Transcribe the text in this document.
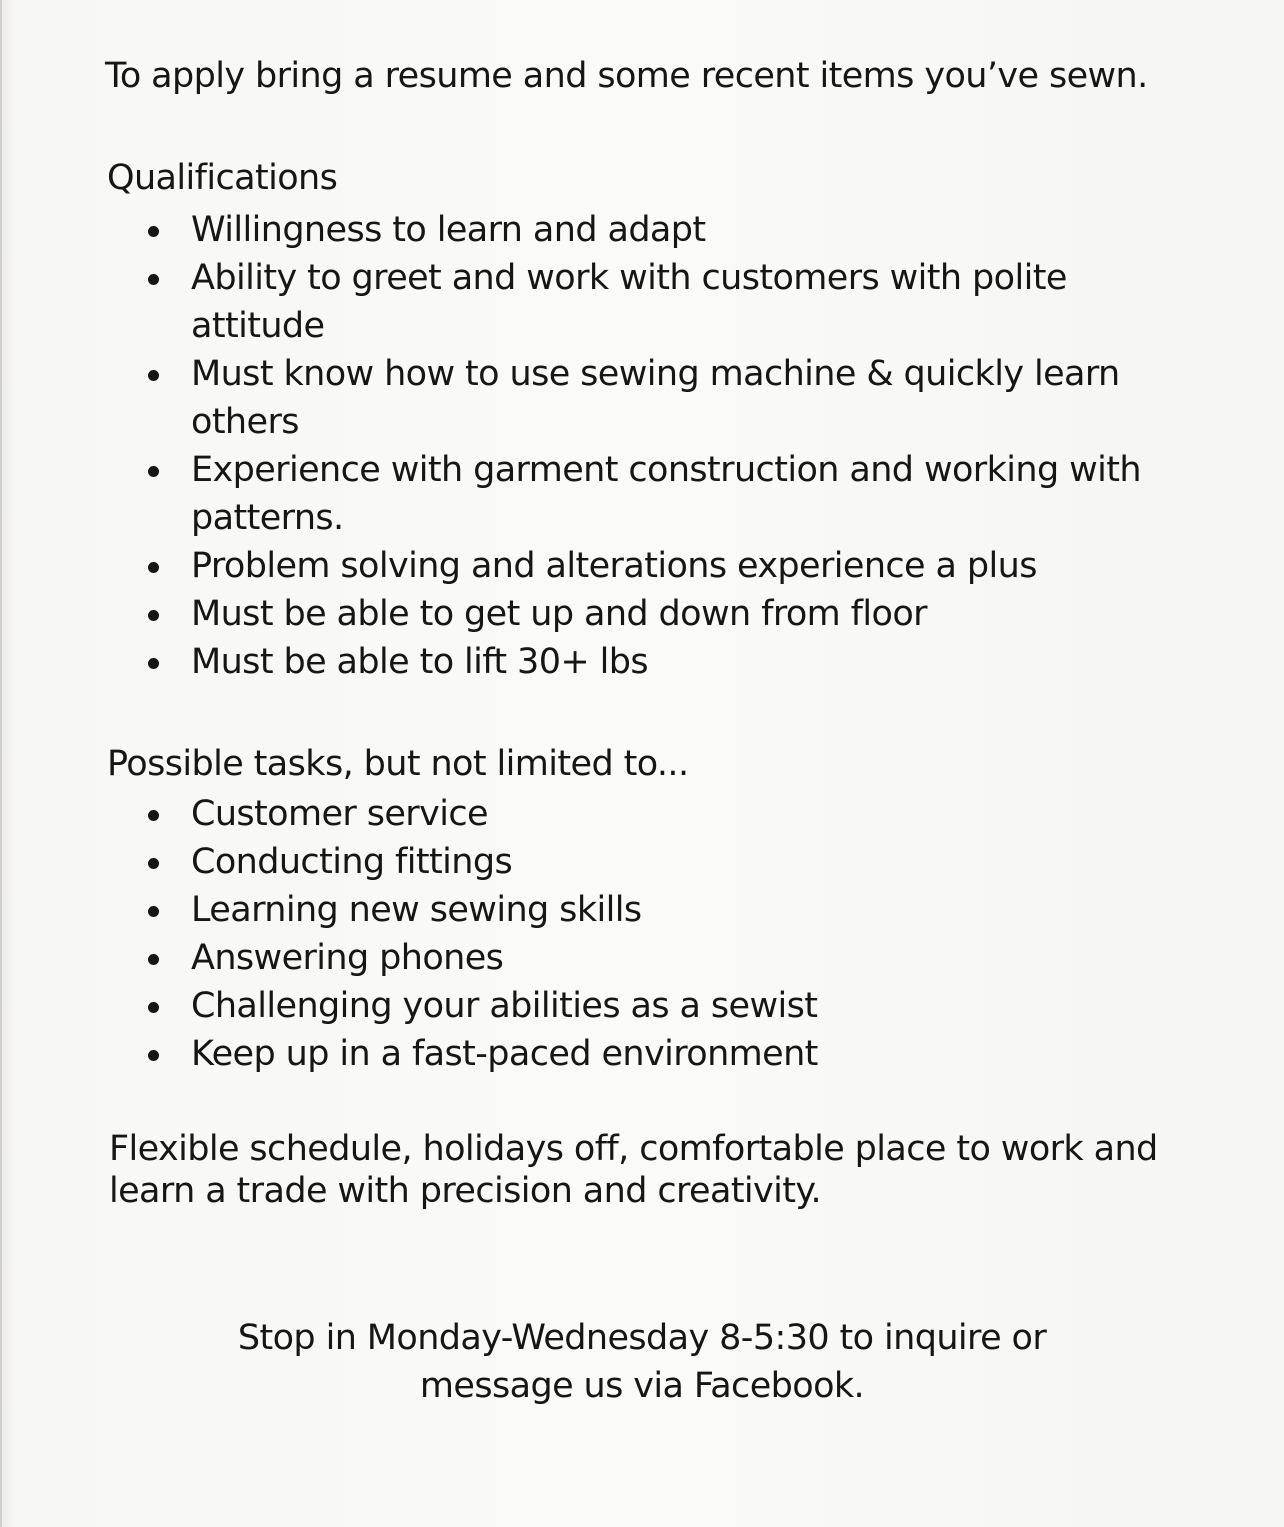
To apply bring a resume and some recent items you’ve sewn.
Qualifications
Willingness to learn and adapt
Ability to greet and work with customers with polite attitude
Must know how to use sewing machine & quickly learn others
Experience with garment construction and working with patterns.
Problem solving and alterations experience a plus
Must be able to get up and down from floor
Must be able to lift 30+ lbs
Possible tasks, but not limited to...
Customer service
Conducting fittings
Learning new sewing skills
Answering phones
Challenging your abilities as a sewist
Keep up in a fast-paced environment
Flexible schedule, holidays off, comfortable place to work and learn a trade with precision and creativity.
Stop in Monday-Wednesday 8-5:30 to inquire or
message us via Facebook.
